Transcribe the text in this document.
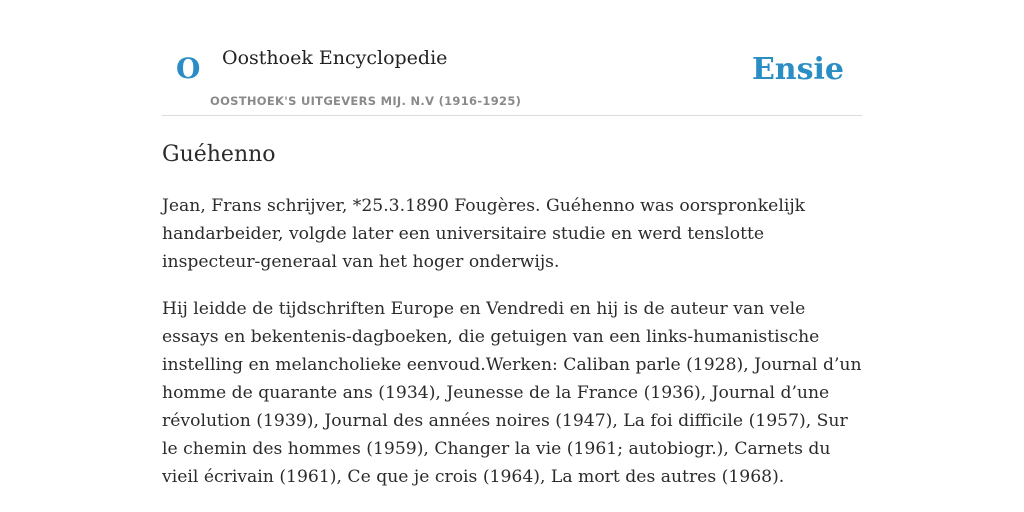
O Oosthoek Encyclopedie
OOSTHOEK'S UITGEVERS MIJ. N.V (1916-1925)
Ensie
Guéhenno

Jean, Frans schrijver, *25.3.1890 Fougères. Guéhenno was oorspronkelijk handarbeider, volgde later een universitaire studie en werd tenslotte inspecteur-generaal van het hoger onderwijs.

Hij leidde de tijdschriften Europe en Vendredi en hij is de auteur van vele essays en bekentenis-dagboeken, die getuigen van een links-humanistische instelling en melancholieke eenvoud.Werken: Caliban parle (1928), Journal d’un homme de quarante ans (1934), Jeunesse de la France (1936), Journal d’une révolution (1939), Journal des années noires (1947), La foi difficile (1957), Sur le chemin des hommes (1959), Changer la vie (1961; autobiogr.), Carnets du vieil écrivain (1961), Ce que je crois (1964), La mort des autres (1968).
